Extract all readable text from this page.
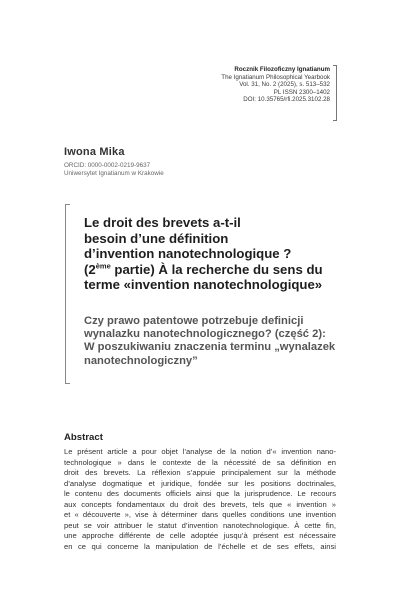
Rocznik Filozoficzny Ignatianum
The Ignatianum Philosophical Yearbook
Vol. 31, No. 2 (2025), s. 513–532
PL ISSN 2300–1402
DOI: 10.35765/rfi.2025.3102.28
Iwona Mika
ORCID: 0000-0002-0219-9637
Uniwersytet Ignatianum w Krakowie
Le droit des brevets a-t-il
besoin d’une définition
d’invention nanotechnologique ?
(2ème partie) À la recherche du sens du
terme «invention nanotechnologique»
Czy prawo patentowe potrzebuje definicji
wynalazku nanotechnologicznego? (część 2):
W poszukiwaniu znaczenia terminu „wynalazek
nanotechnologiczny”
Abstract
Le présent article a pour objet l’analyse de la notion d’« invention nano-
technologique » dans le contexte de la nécessité de sa définition en
droit des brevets. La réflexion s’appuie principalement sur la méthode
d’analyse dogmatique et juridique, fondée sur les positions doctrinales,
le contenu des documents officiels ainsi que la jurisprudence. Le recours
aux concepts fondamentaux du droit des brevets, tels que « invention »
et « découverte », vise à déterminer dans quelles conditions une invention
peut se voir attribuer le statut d’invention nanotechnologique. À cette fin,
une approche différente de celle adoptée jusqu’à présent est nécessaire
en ce qui concerne la manipulation de l’échelle et de ses effets, ainsi
